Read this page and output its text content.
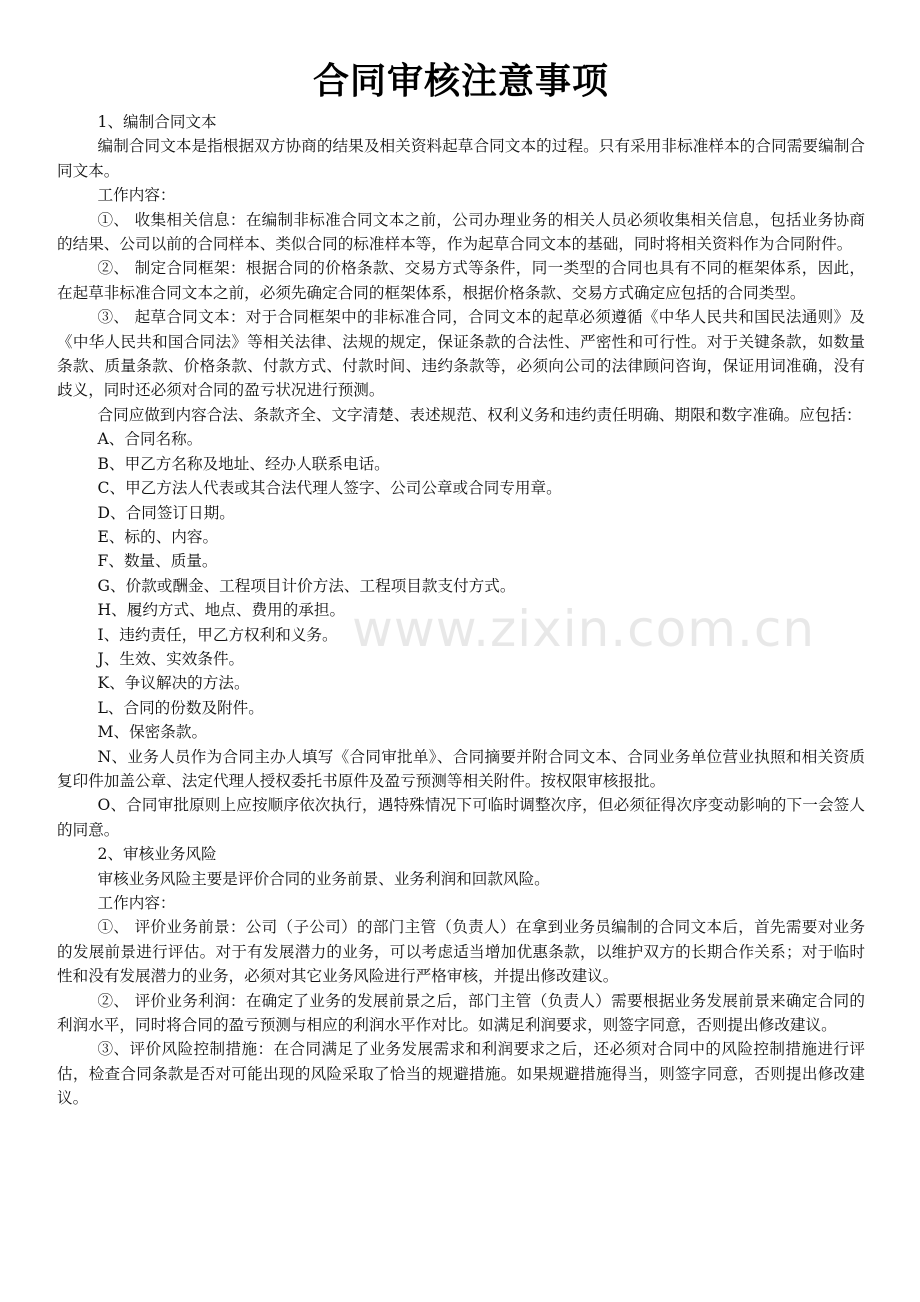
www.zixin.com.cn
合同审核注意事项

1、编制合同文本

编制合同文本是指根据双方协商的结果及相关资料起草合同文本的过程。只有采用非标准样本的合同需要编制合同文本。

工作内容：

①、 收集相关信息：在编制非标准合同文本之前，公司办理业务的相关人员必须收集相关信息，包括业务协商的结果、公司以前的合同样本、类似合同的标准样本等，作为起草合同文本的基础，同时将相关资料作为合同附件。

②、 制定合同框架：根据合同的价格条款、交易方式等条件，同一类型的合同也具有不同的框架体系，因此，在起草非标准合同文本之前，必须先确定合同的框架体系，根据价格条款、交易方式确定应包括的合同类型。

③、 起草合同文本：对于合同框架中的非标准合同，合同文本的起草必须遵循《中华人民共和国民法通则》及《中华人民共和国合同法》等相关法律、法规的规定，保证条款的合法性、严密性和可行性。对于关键条款，如数量条款、质量条款、价格条款、付款方式、付款时间、违约条款等，必须向公司的法律顾问咨询，保证用词准确，没有歧义，同时还必须对合同的盈亏状况进行预测。

合同应做到内容合法、条款齐全、文字清楚、表述规范、权利义务和违约责任明确、期限和数字准确。应包括：

A、合同名称。

B、甲乙方名称及地址、经办人联系电话。

C、甲乙方法人代表或其合法代理人签字、公司公章或合同专用章。

D、合同签订日期。

E、标的、内容。

F、数量、质量。

G、价款或酬金、工程项目计价方法、工程项目款支付方式。

H、履约方式、地点、费用的承担。

I、违约责任，甲乙方权利和义务。

J、生效、实效条件。

K、争议解决的方法。

L、合同的份数及附件。

M、保密条款。

N、业务人员作为合同主办人填写《合同审批单》、合同摘要并附合同文本、合同业务单位营业执照和相关资质复印件加盖公章、法定代理人授权委托书原件及盈亏预测等相关附件。按权限审核报批。

O、合同审批原则上应按顺序依次执行，遇特殊情况下可临时调整次序，但必须征得次序变动影响的下一会签人的同意。

2、审核业务风险

审核业务风险主要是评价合同的业务前景、业务利润和回款风险。

工作内容：

①、 评价业务前景：公司（子公司）的部门主管（负责人）在拿到业务员编制的合同文本后，首先需要对业务的发展前景进行评估。对于有发展潜力的业务，可以考虑适当增加优惠条款，以维护双方的长期合作关系；对于临时性和没有发展潜力的业务，必须对其它业务风险进行严格审核，并提出修改建议。

②、 评价业务利润：在确定了业务的发展前景之后，部门主管（负责人）需要根据业务发展前景来确定合同的利润水平，同时将合同的盈亏预测与相应的利润水平作对比。如满足利润要求，则签字同意，否则提出修改建议。

③、评价风险控制措施：在合同满足了业务发展需求和利润要求之后，还必须对合同中的风险控制措施进行评估，检查合同条款是否对可能出现的风险采取了恰当的规避措施。如果规避措施得当，则签字同意，否则提出修改建议。
